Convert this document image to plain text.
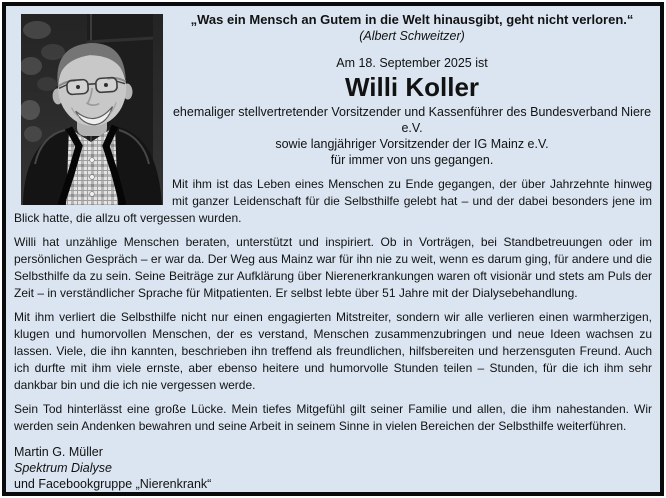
„Was ein Mensch an Gutem in die Welt hinausgibt, geht nicht verloren.“
(Albert Schweitzer)
Am 18. September 2025 ist
Willi Koller
ehemaliger stellvertretender Vorsitzender und Kassenführer des Bundesverband Niere e.V.
sowie langjähriger Vorsitzender der IG Mainz e.V.
für immer von uns gegangen.

Mit ihm ist das Leben eines Menschen zu Ende gegangen, der über Jahrzehnte hinweg mit ganzer Leidenschaft für die Selbsthilfe gelebt hat – und der dabei besonders jene im Blick hatte, die allzu oft vergessen wurden.

Willi hat unzählige Menschen beraten, unterstützt und inspiriert. Ob in Vorträgen, bei Standbetreuungen oder im persönlichen Gespräch – er war da. Der Weg aus Mainz war für ihn nie zu weit, wenn es darum ging, für andere und die Selbsthilfe da zu sein. Seine Beiträge zur Aufklärung über Nierenerkrankungen waren oft visionär und stets am Puls der Zeit – in verständlicher Sprache für Mitpatienten. Er selbst lebte über 51 Jahre mit der Dialysebehandlung.

Mit ihm verliert die Selbsthilfe nicht nur einen engagierten Mitstreiter, sondern wir alle verlieren einen warmherzigen, klugen und humorvollen Menschen, der es verstand, Menschen zusammenzubringen und neue Ideen wachsen zu lassen. Viele, die ihn kannten, beschrieben ihn treffend als freundlichen, hilfsbereiten und herzensguten Freund. Auch ich durfte mit ihm viele ernste, aber ebenso heitere und humorvolle Stunden teilen – Stunden, für die ich ihm sehr dankbar bin und die ich nie vergessen werde.

Sein Tod hinterlässt eine große Lücke. Mein tiefes Mitgefühl gilt seiner Familie und allen, die ihm nahestanden. Wir werden sein Andenken bewahren und seine Arbeit in seinem Sinne in vielen Bereichen der Selbsthilfe weiterführen.

Martin G. Müller
Spektrum Dialyse
und Facebookgruppe „Nierenkrank“
